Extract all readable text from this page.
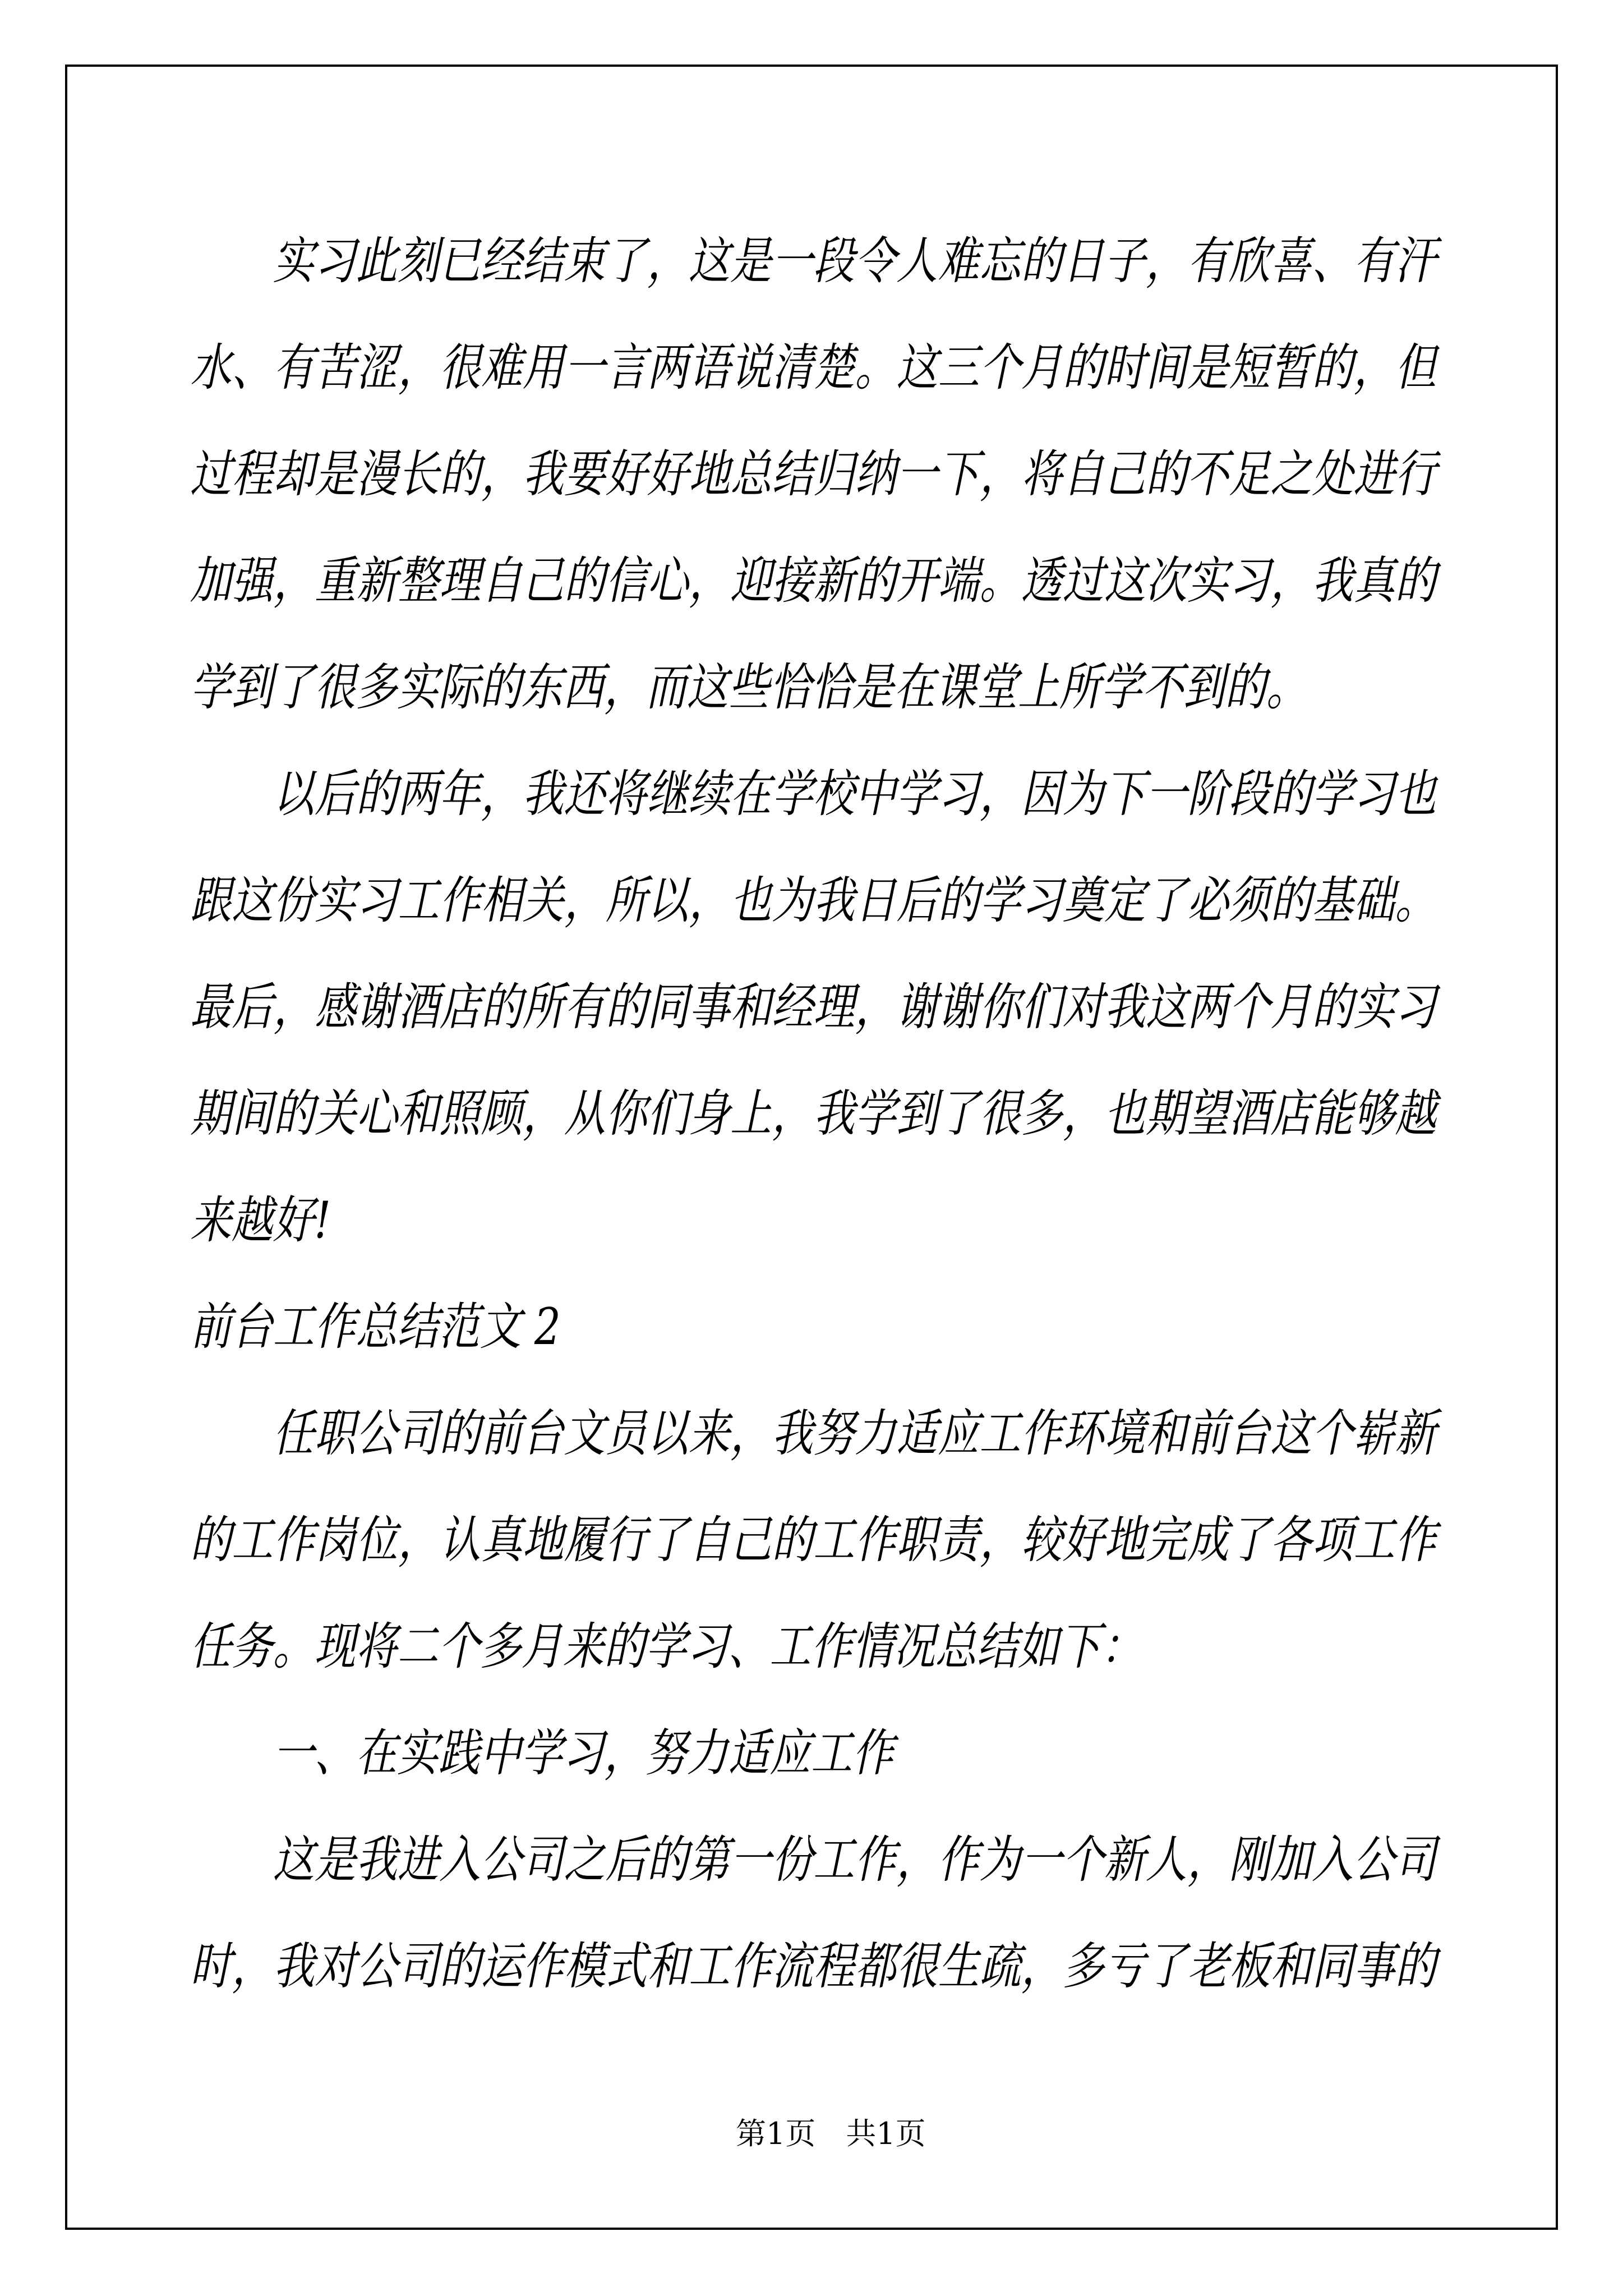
实习此刻已经结束了，这是一段令人难忘的日子，有欣喜、有汗
水、有苦涩，很难用一言两语说清楚。这三个月的时间是短暂的，但
过程却是漫长的，我要好好地总结归纳一下，将自己的不足之处进行
加强，重新整理自己的信心，迎接新的开端。透过这次实习，我真的
学到了很多实际的东西，而这些恰恰是在课堂上所学不到的。
以后的两年，我还将继续在学校中学习，因为下一阶段的学习也
跟这份实习工作相关，所以，也为我日后的学习奠定了必须的基础。
最后，感谢酒店的所有的同事和经理，谢谢你们对我这两个月的实习
期间的关心和照顾，从你们身上，我学到了很多，也期望酒店能够越
来越好!
前台工作总结范文 2
任职公司的前台文员以来，我努力适应工作环境和前台这个崭新
的工作岗位，认真地履行了自己的工作职责，较好地完成了各项工作
任务。现将二个多月来的学习、工作情况总结如下：
一、在实践中学习，努力适应工作
这是我进入公司之后的第一份工作，作为一个新人，刚加入公司
时，我对公司的运作模式和工作流程都很生疏，多亏了老板和同事的

第1页　共1页
